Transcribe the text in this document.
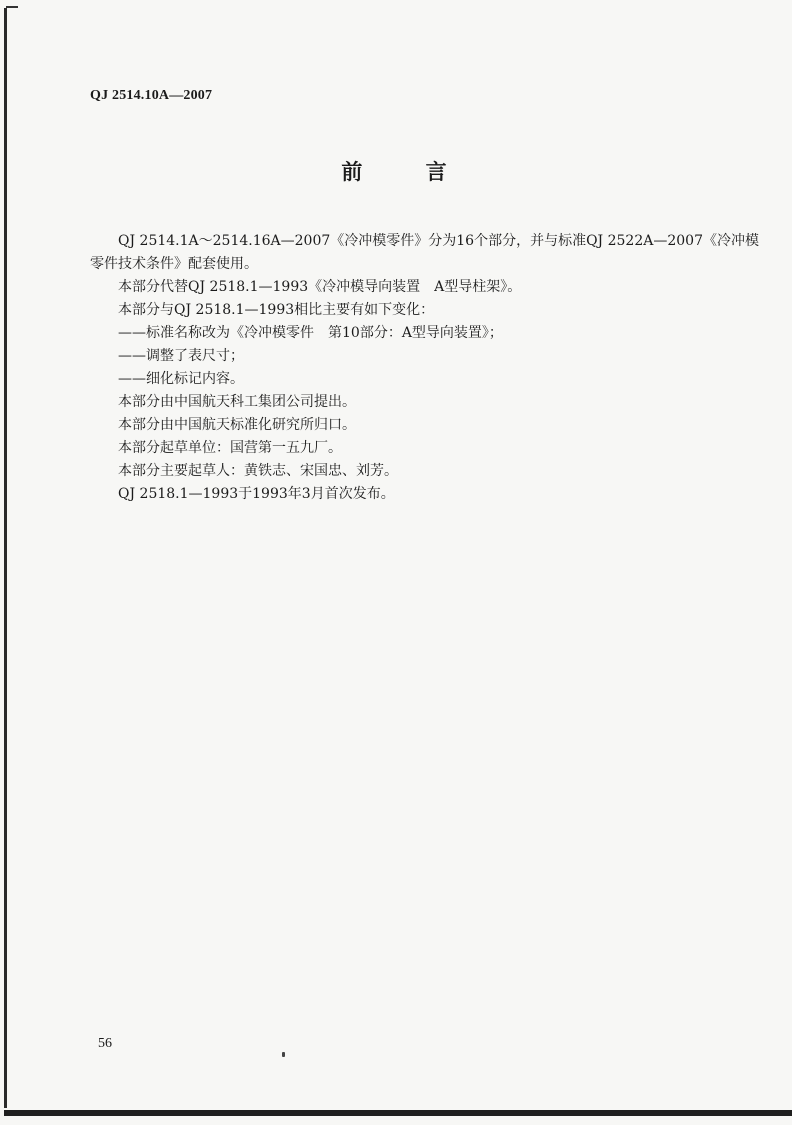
QJ 2514.10A—2007
前 言

QJ 2514.1A～2514.16A—2007《冷冲模零件》分为16个部分，并与标准QJ 2522A—2007《冷冲模

零件技术条件》配套使用。

本部分代替QJ 2518.1—1993《冷冲模导向装置　A型导柱架》。

本部分与QJ 2518.1—1993相比主要有如下变化：

——标准名称改为《冷冲模零件　第10部分：A型导向装置》；

——调整了表尺寸；

——细化标记内容。

本部分由中国航天科工集团公司提出。

本部分由中国航天标准化研究所归口。

本部分起草单位：国营第一五九厂。

本部分主要起草人：黄铁志、宋国忠、刘芳。

QJ 2518.1—1993于1993年3月首次发布。

56
